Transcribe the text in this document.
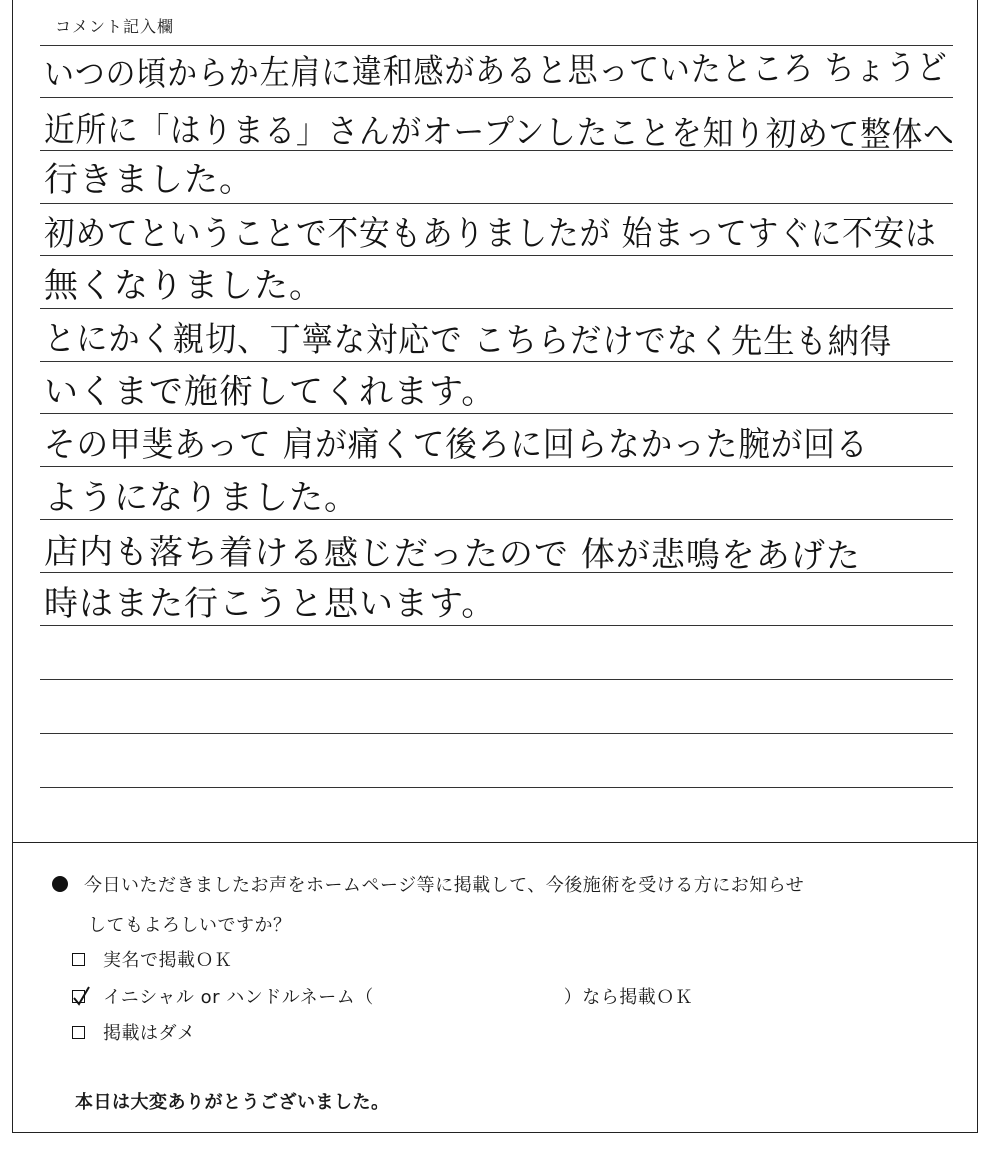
コメント記入欄
いつの頃からか左肩に違和感があると思っていたところ ちょうど
近所に「はりまる」さんがオープンしたことを知り初めて整体へ
行きました。
初めてということで不安もありましたが 始まってすぐに不安は
無くなりました。
とにかく親切、丁寧な対応で こちらだけでなく先生も納得
いくまで施術してくれます。
その甲斐あって 肩が痛くて後ろに回らなかった腕が回る
ようになりました。
店内も落ち着ける感じだったので 体が悲鳴をあげた
時はまた行こうと思います。
今日いただきましたお声をホームページ等に掲載して、今後施術を受ける方にお知らせ
してもよろしいですか？
実名で掲載ＯＫ
イニシャル or ハンドルネーム（	）なら掲載ＯＫ
掲載はダメ
本日は大変ありがとうございました。
